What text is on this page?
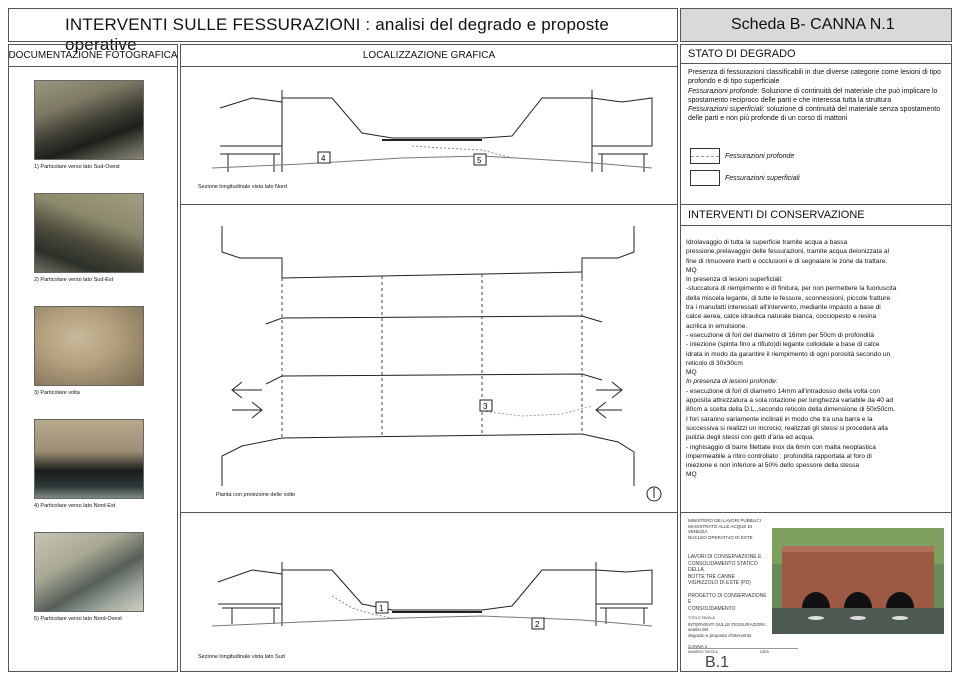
INTERVENTI SULLE FESSURAZIONI : analisi del degrado e proposte operative
Scheda B- CANNA N.1
DOCUMENTAZIONE FOTOGRAFICA	LOCALIZZAZIONE GRAFICA
1) Particolare verso lato Sud-Ovest
2) Particolare verso lato Sud-Est
3) Particolare volta
4) Particolare verso lato Nord-Est
5) Particolare verso lato Nord-Ovest
4	5
Sezione longitudinale vista lato Nord
3
Pianta con proiezione delle volte
1
2
Sezione longitudinale vista lato Sud
STATO DI DEGRADO
Presenza di fessurazioni classificabili in due diverse categorie come lesioni di tipo profondo e di tipo superficiale
Fessurazioni profonde: Soluzione di continuità del materiale che può implicare lo spostamento reciproco delle parti e che interessa tutta la struttura
Fessurazioni superficiali: soluzione di continuità del materiale senza spostamento delle parti e non più profonde di un corso di mattoni
Fessurazioni profonde
Fessurazioni superficiali
INTERVENTI DI CONSERVAZIONE
Idrolavaggio di tutta la superficie tramite acqua a bassa
pressione,prelavaggio delle fessurazioni, tramite acqua deionizzata al
fine di rimuovere inerti e occlusioni e di segnalare le zone da trattare.
MQ
In presenza di lesioni superficiali:
-stuccatura di riempimento e di finitura, per non permettere la fuoriuscita
della miscela legante, di tutte le fessure, sconnessioni, piccole fratture
tra i manufatti interessati all'intervento, mediante impasto a base di
calce aerea, calce idraulica naturale bianca, cocciopesto e resina
acrilica in emulsione.
- esecuzione di fori del diametro di 16mm per 50cm di profondità
- iniezione (spinta fino a rifiuto)di legante colloidale a base di calce
idrata in modo da garantire il riempimento di ogni porosità secondo un
reticolo di 30x30cm
MQ
In presenza di lesioni profonde:
- esecuzione di fori di diametro 14mm all'intradosso della volta con
apposita attrezzatura a sola rotazione per lunghezza variabile da 40 ad
80cm a scelta della D.L.,secondo reticolo della dimensione di 50x50cm.
I fori saranno variamente inclinati in modo che tra una barra e la
successiva si realizzi un incrocio; realizzati gli stessi si procederà alla
pulizia degli stessi con getti d'aria ed acqua.
- inghisaggio di barre filettate inox da 6mm con malta neoplastica
impermeabile a ritiro controllato ; profondità rapportata al foro di
iniezione e non inferiore al 50% dello spessore della stessa
MQ
MINISTERO DEI LAVORI PUBBLICI
MAGISTRATO ALLE ACQUE DI VENEZIA
NUCLEO OPERATIVO DI ESTE
LAVORI DI CONSERVAZIONE E
CONSOLIDAMENTO STATICO DELLA
BOTTE TRE CANNE
VIGHIZZOLO DI ESTE (PD)
PROGETTO DI CONSERVAZIONE E
CONSOLIDAMENTO
TITOLO TAVOLA
INTERVENTI SULLE FESSURAZIONI: analisi del
degrado e proposte d'intervento
CANNA 1
NUMERO TAVOLA
B.1
DATA
